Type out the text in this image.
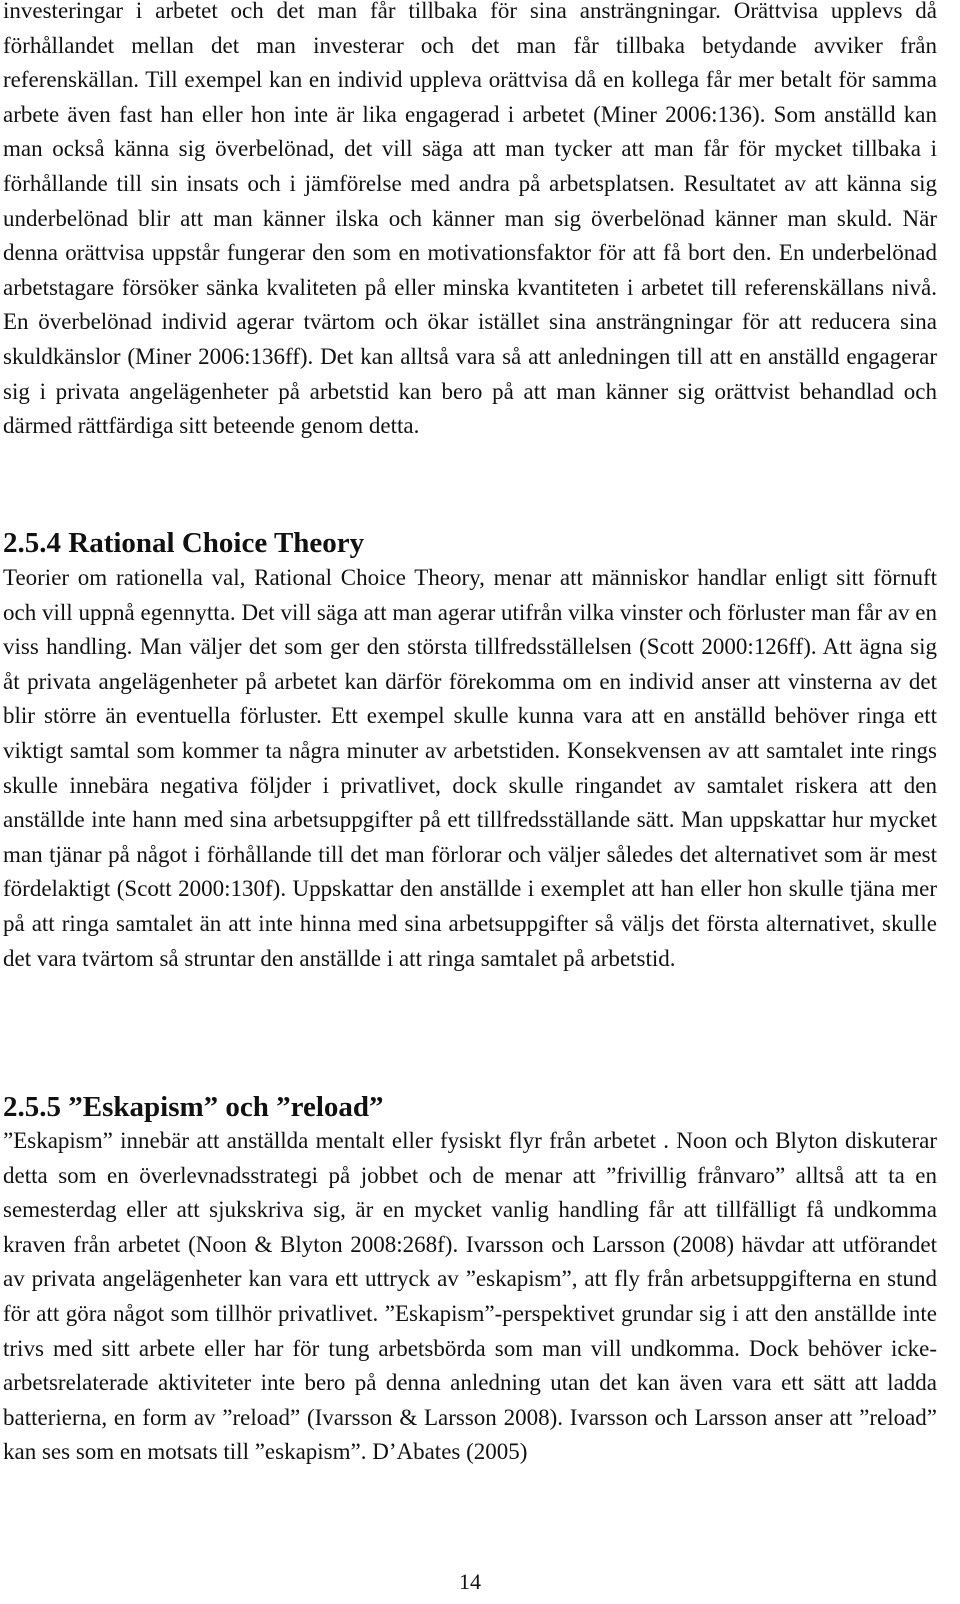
investeringar i arbetet och det man får tillbaka för sina ansträngningar. Orättvisa upplevs då förhållandet mellan det man investerar och det man får tillbaka betydande avviker från referenskällan. Till exempel kan en individ uppleva orättvisa då en kollega får mer betalt för samma arbete även fast han eller hon inte är lika engagerad i arbetet (Miner 2006:136). Som anställd kan man också känna sig överbelönad, det vill säga att man tycker att man får för mycket tillbaka i förhållande till sin insats och i jämförelse med andra på arbetsplatsen. Resultatet av att känna sig underbelönad blir att man känner ilska och känner man sig överbelönad känner man skuld. När denna orättvisa uppstår fungerar den som en motivationsfaktor för att få bort den. En underbelönad arbetstagare försöker sänka kvaliteten på eller minska kvantiteten i arbetet till referenskällans nivå. En överbelönad individ agerar tvärtom och ökar istället sina ansträngningar för att reducera sina skuldkänslor (Miner 2006:136ff). Det kan alltså vara så att anledningen till att en anställd engagerar sig i privata angelägenheter på arbetstid kan bero på att man känner sig orättvist behandlad och därmed rättfärdiga sitt beteende genom detta.

2.5.4 Rational Choice Theory

Teorier om rationella val, Rational Choice Theory, menar att människor handlar enligt sitt förnuft och vill uppnå egennytta. Det vill säga att man agerar utifrån vilka vinster och förluster man får av en viss handling. Man väljer det som ger den största tillfredsställelsen (Scott 2000:126ff). Att ägna sig åt privata angelägenheter på arbetet kan därför förekomma om en individ anser att vinsterna av det blir större än eventuella förluster. Ett exempel skulle kunna vara att en anställd behöver ringa ett viktigt samtal som kommer ta några minuter av arbetstiden. Konsekvensen av att samtalet inte rings skulle innebära negativa följder i privatlivet, dock skulle ringandet av samtalet riskera att den anställde inte hann med sina arbetsuppgifter på ett tillfredsställande sätt. Man uppskattar hur mycket man tjänar på något i förhållande till det man förlorar och väljer således det alternativet som är mest fördelaktigt (Scott 2000:130f). Uppskattar den anställde i exemplet att han eller hon skulle tjäna mer på att ringa samtalet än att inte hinna med sina arbetsuppgifter så väljs det första alternativet, skulle det vara tvärtom så struntar den anställde i att ringa samtalet på arbetstid.

2.5.5 ”Eskapism” och ”reload”

”Eskapism” innebär att anställda mentalt eller fysiskt flyr från arbetet . Noon och Blyton diskuterar detta som en överlevnadsstrategi på jobbet och de menar att ”frivillig frånvaro” alltså att ta en semesterdag eller att sjukskriva sig, är en mycket vanlig handling får att tillfälligt få undkomma kraven från arbetet (Noon & Blyton 2008:268f). Ivarsson och Larsson (2008) hävdar att utförandet av privata angelägenheter kan vara ett uttryck av ”eskapism”, att fly från arbetsuppgifterna en stund för att göra något som tillhör privatlivet. ”Eskapism”-perspektivet grundar sig i att den anställde inte trivs med sitt arbete eller har för tung arbetsbörda som man vill undkomma. Dock behöver icke-arbetsrelaterade aktiviteter inte bero på denna anledning utan det kan även vara ett sätt att ladda batterierna, en form av ”reload” (Ivarsson & Larsson 2008). Ivarsson och Larsson anser att ”reload” kan ses som en motsats till ”eskapism”. D’Abates (2005)

14
